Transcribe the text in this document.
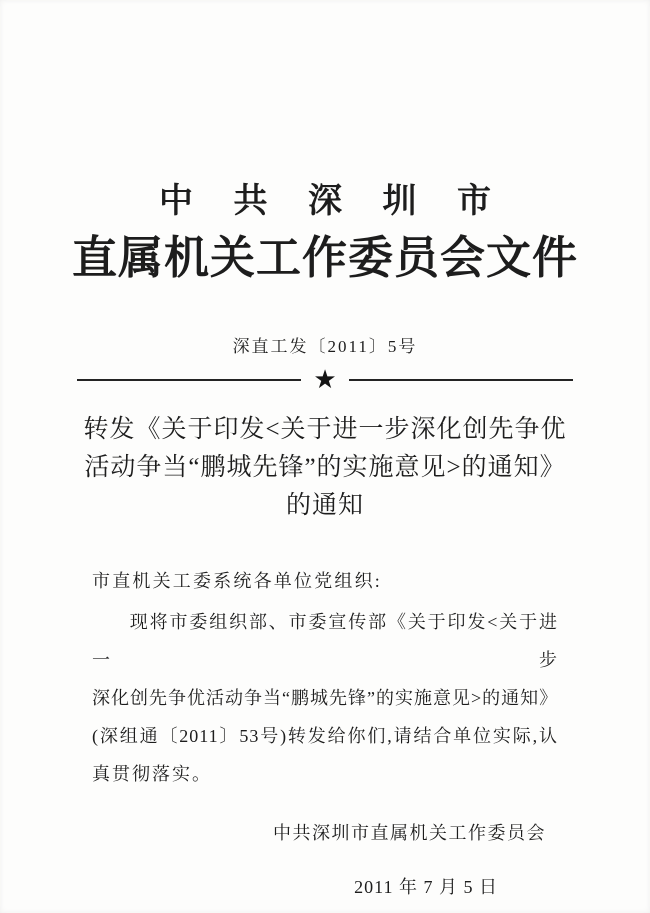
中 共 深 圳 市
直属机关工作委员会文件
深直工发〔2011〕5号
★
转发《关于印发<关于进一步深化创先争优
活动争当“鹏城先锋”的实施意见>的通知》
的通知
市直机关工委系统各单位党组织:
现将市委组织部、市委宣传部《关于印发<关于进一步
深化创先争优活动争当“鹏城先锋”的实施意见>的通知》
(深组通〔2011〕53号)转发给你们,请结合单位实际,认
真贯彻落实。
中共深圳市直属机关工作委员会
2011 年 7 月 5 日
